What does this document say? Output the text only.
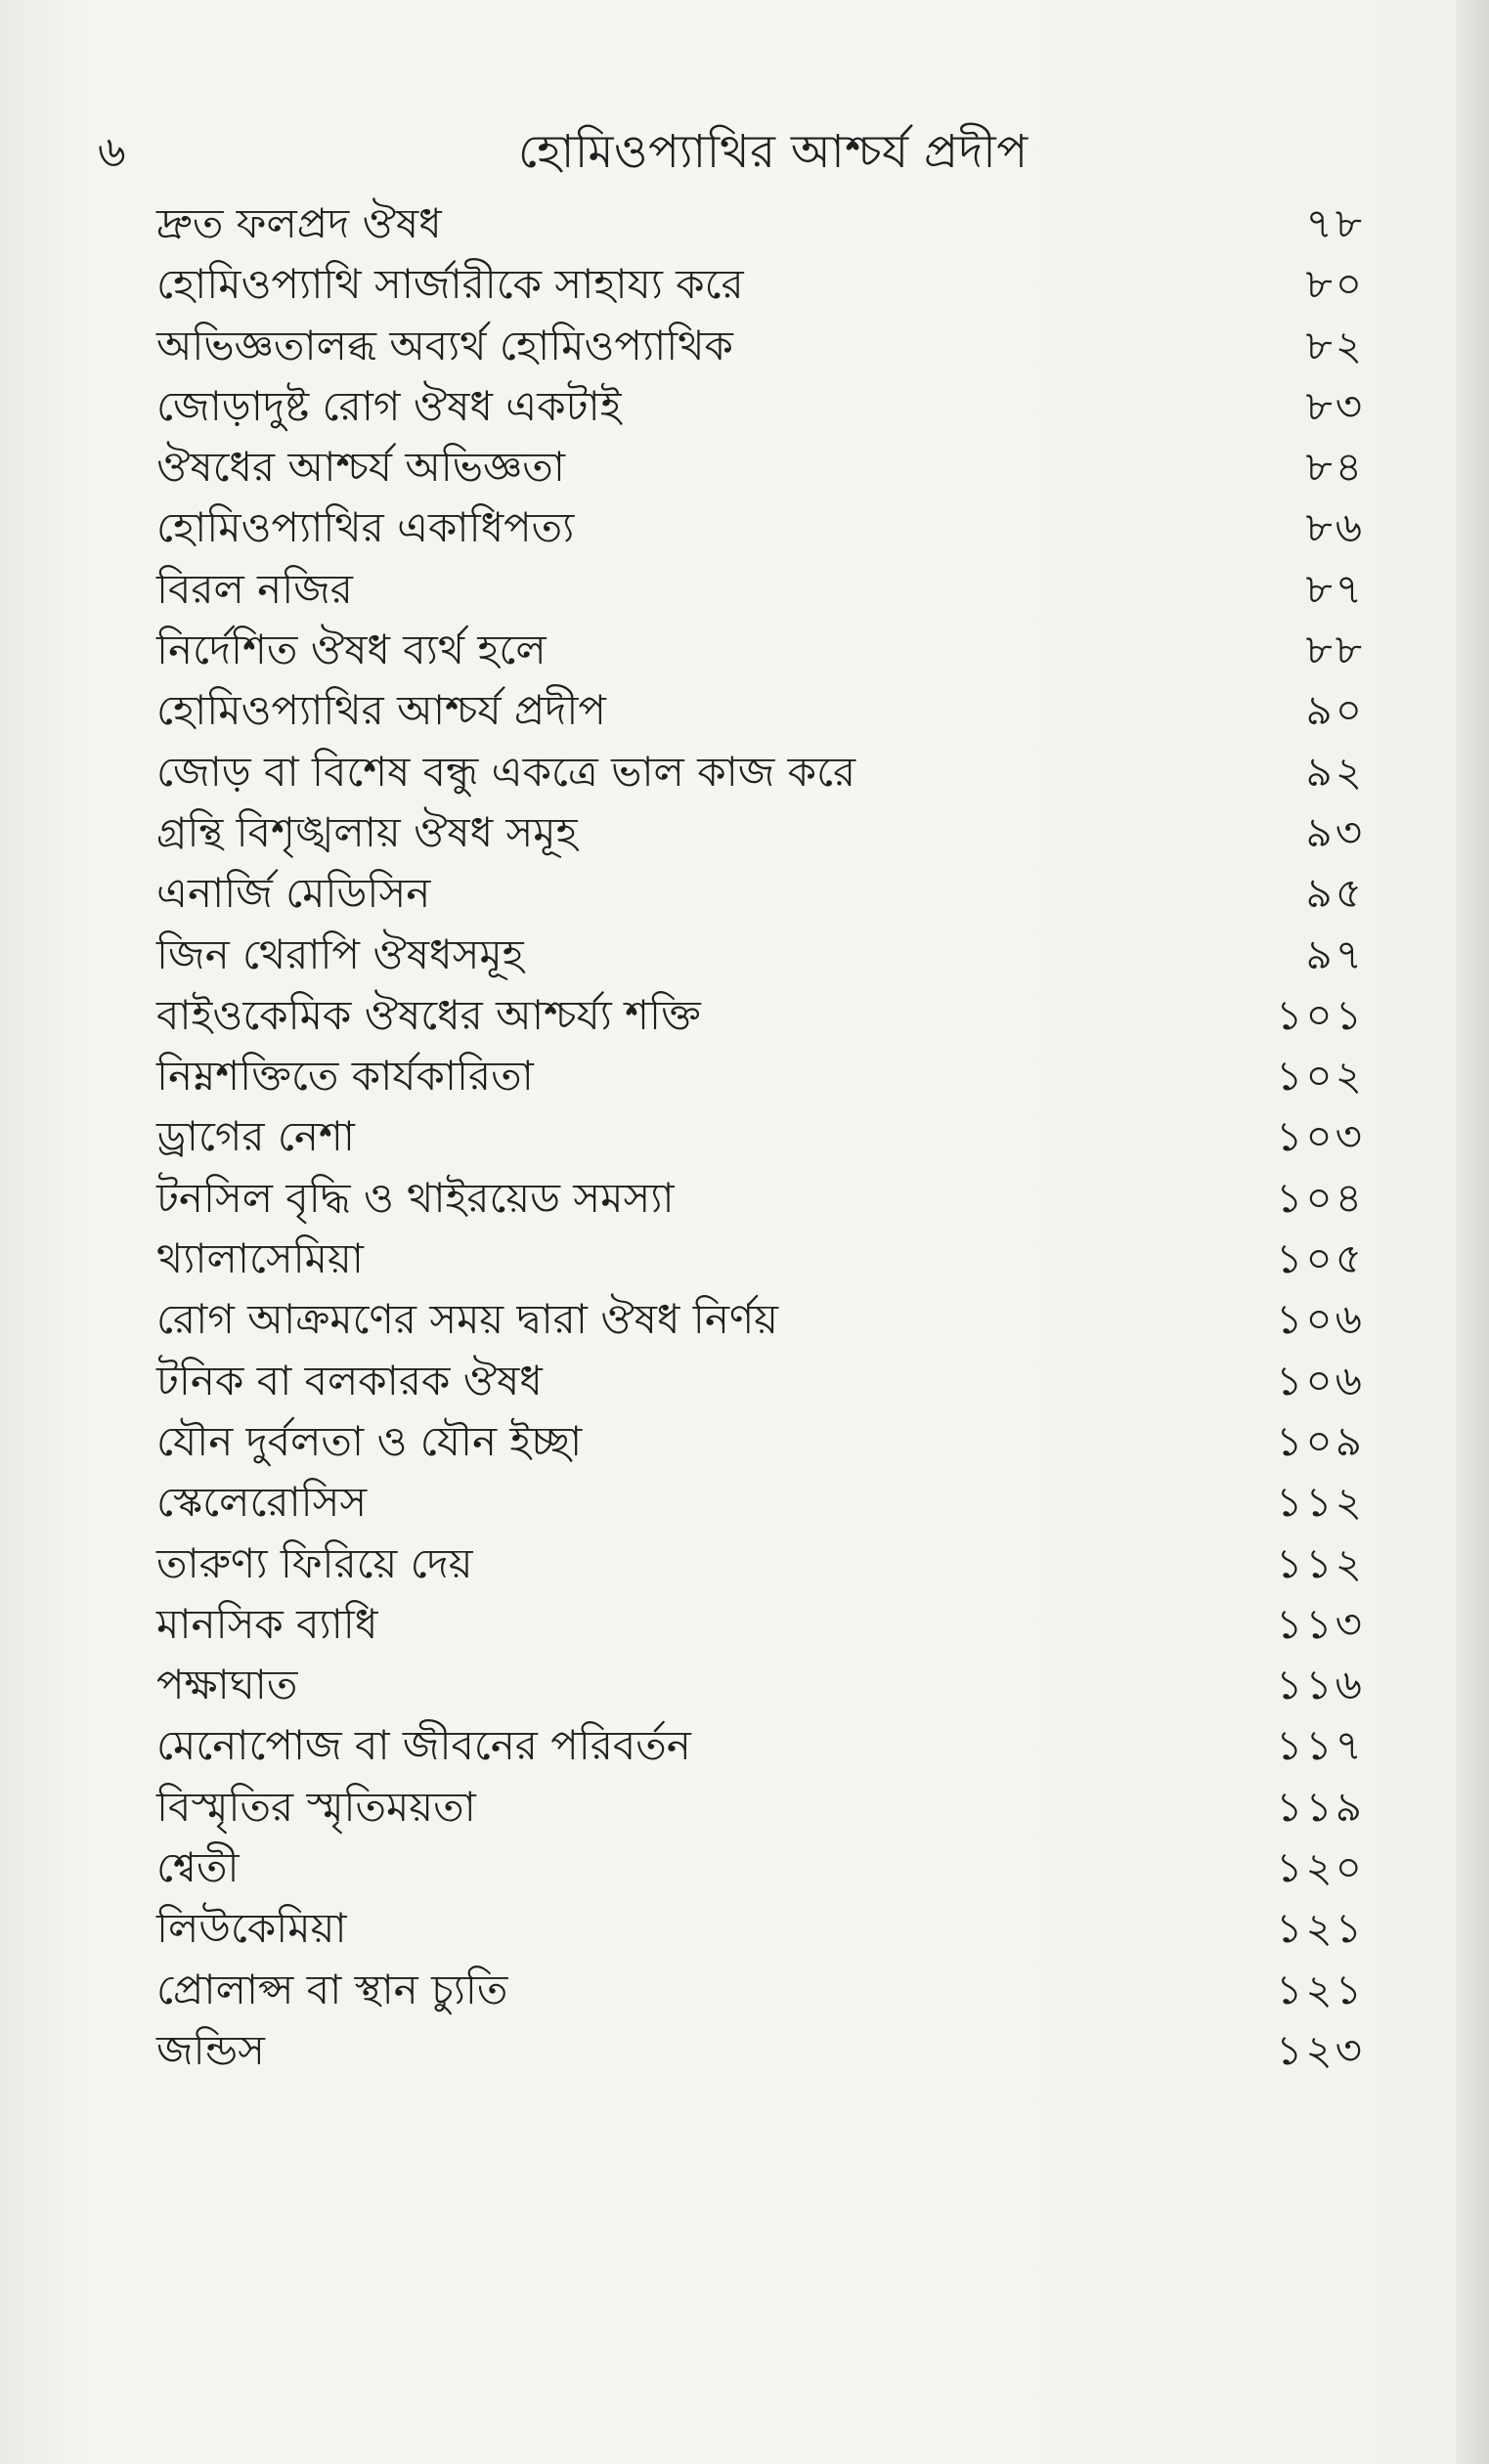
৬	হোমিওপ্যাথির আশ্চর্য প্রদীপ
দ্রুত ফলপ্রদ ঔষধ	৭৮
হোমিওপ্যাথি সার্জারীকে সাহায্য করে	৮০
অভিজ্ঞতালব্ধ অব্যর্থ হোমিওপ্যাথিক	৮২
জোড়াদুষ্ট রোগ ঔষধ একটাই	৮৩
ঔষধের আশ্চর্য অভিজ্ঞতা	৮৪
হোমিওপ্যাথির একাধিপত্য	৮৬
বিরল নজির	৮৭
নির্দেশিত ঔষধ ব্যর্থ হলে	৮৮
হোমিওপ্যাথির আশ্চর্য প্রদীপ	৯০
জোড় বা বিশেষ বন্ধু একত্রে ভাল কাজ করে	৯২
গ্রন্থি বিশৃঙ্খলায় ঔষধ সমূহ	৯৩
এনার্জি মেডিসিন	৯৫
জিন থেরাপি ঔষধসমূহ	৯৭
বাইওকেমিক ঔষধের আশ্চর্য্য শক্তি	১০১
নিম্নশক্তিতে কার্যকারিতা	১০২
ড্রাগের নেশা	১০৩
টনসিল বৃদ্ধি ও থাইরয়েড সমস্যা	১০৪
থ্যালাসেমিয়া	১০৫
রোগ আক্রমণের সময় দ্বারা ঔষধ নির্ণয়	১০৬
টনিক বা বলকারক ঔষধ	১০৬
যৌন দুর্বলতা ও যৌন ইচ্ছা	১০৯
স্কেলেরোসিস	১১২
তারুণ্য ফিরিয়ে দেয়	১১২
মানসিক ব্যাধি	১১৩
পক্ষাঘাত	১১৬
মেনোপোজ বা জীবনের পরিবর্তন	১১৭
বিস্মৃতির স্মৃতিময়তা	১১৯
শ্বেতী	১২০
লিউকেমিয়া	১২১
প্রোলাপ্স বা স্থান চ্যুতি	১২১
জন্ডিস	১২৩
